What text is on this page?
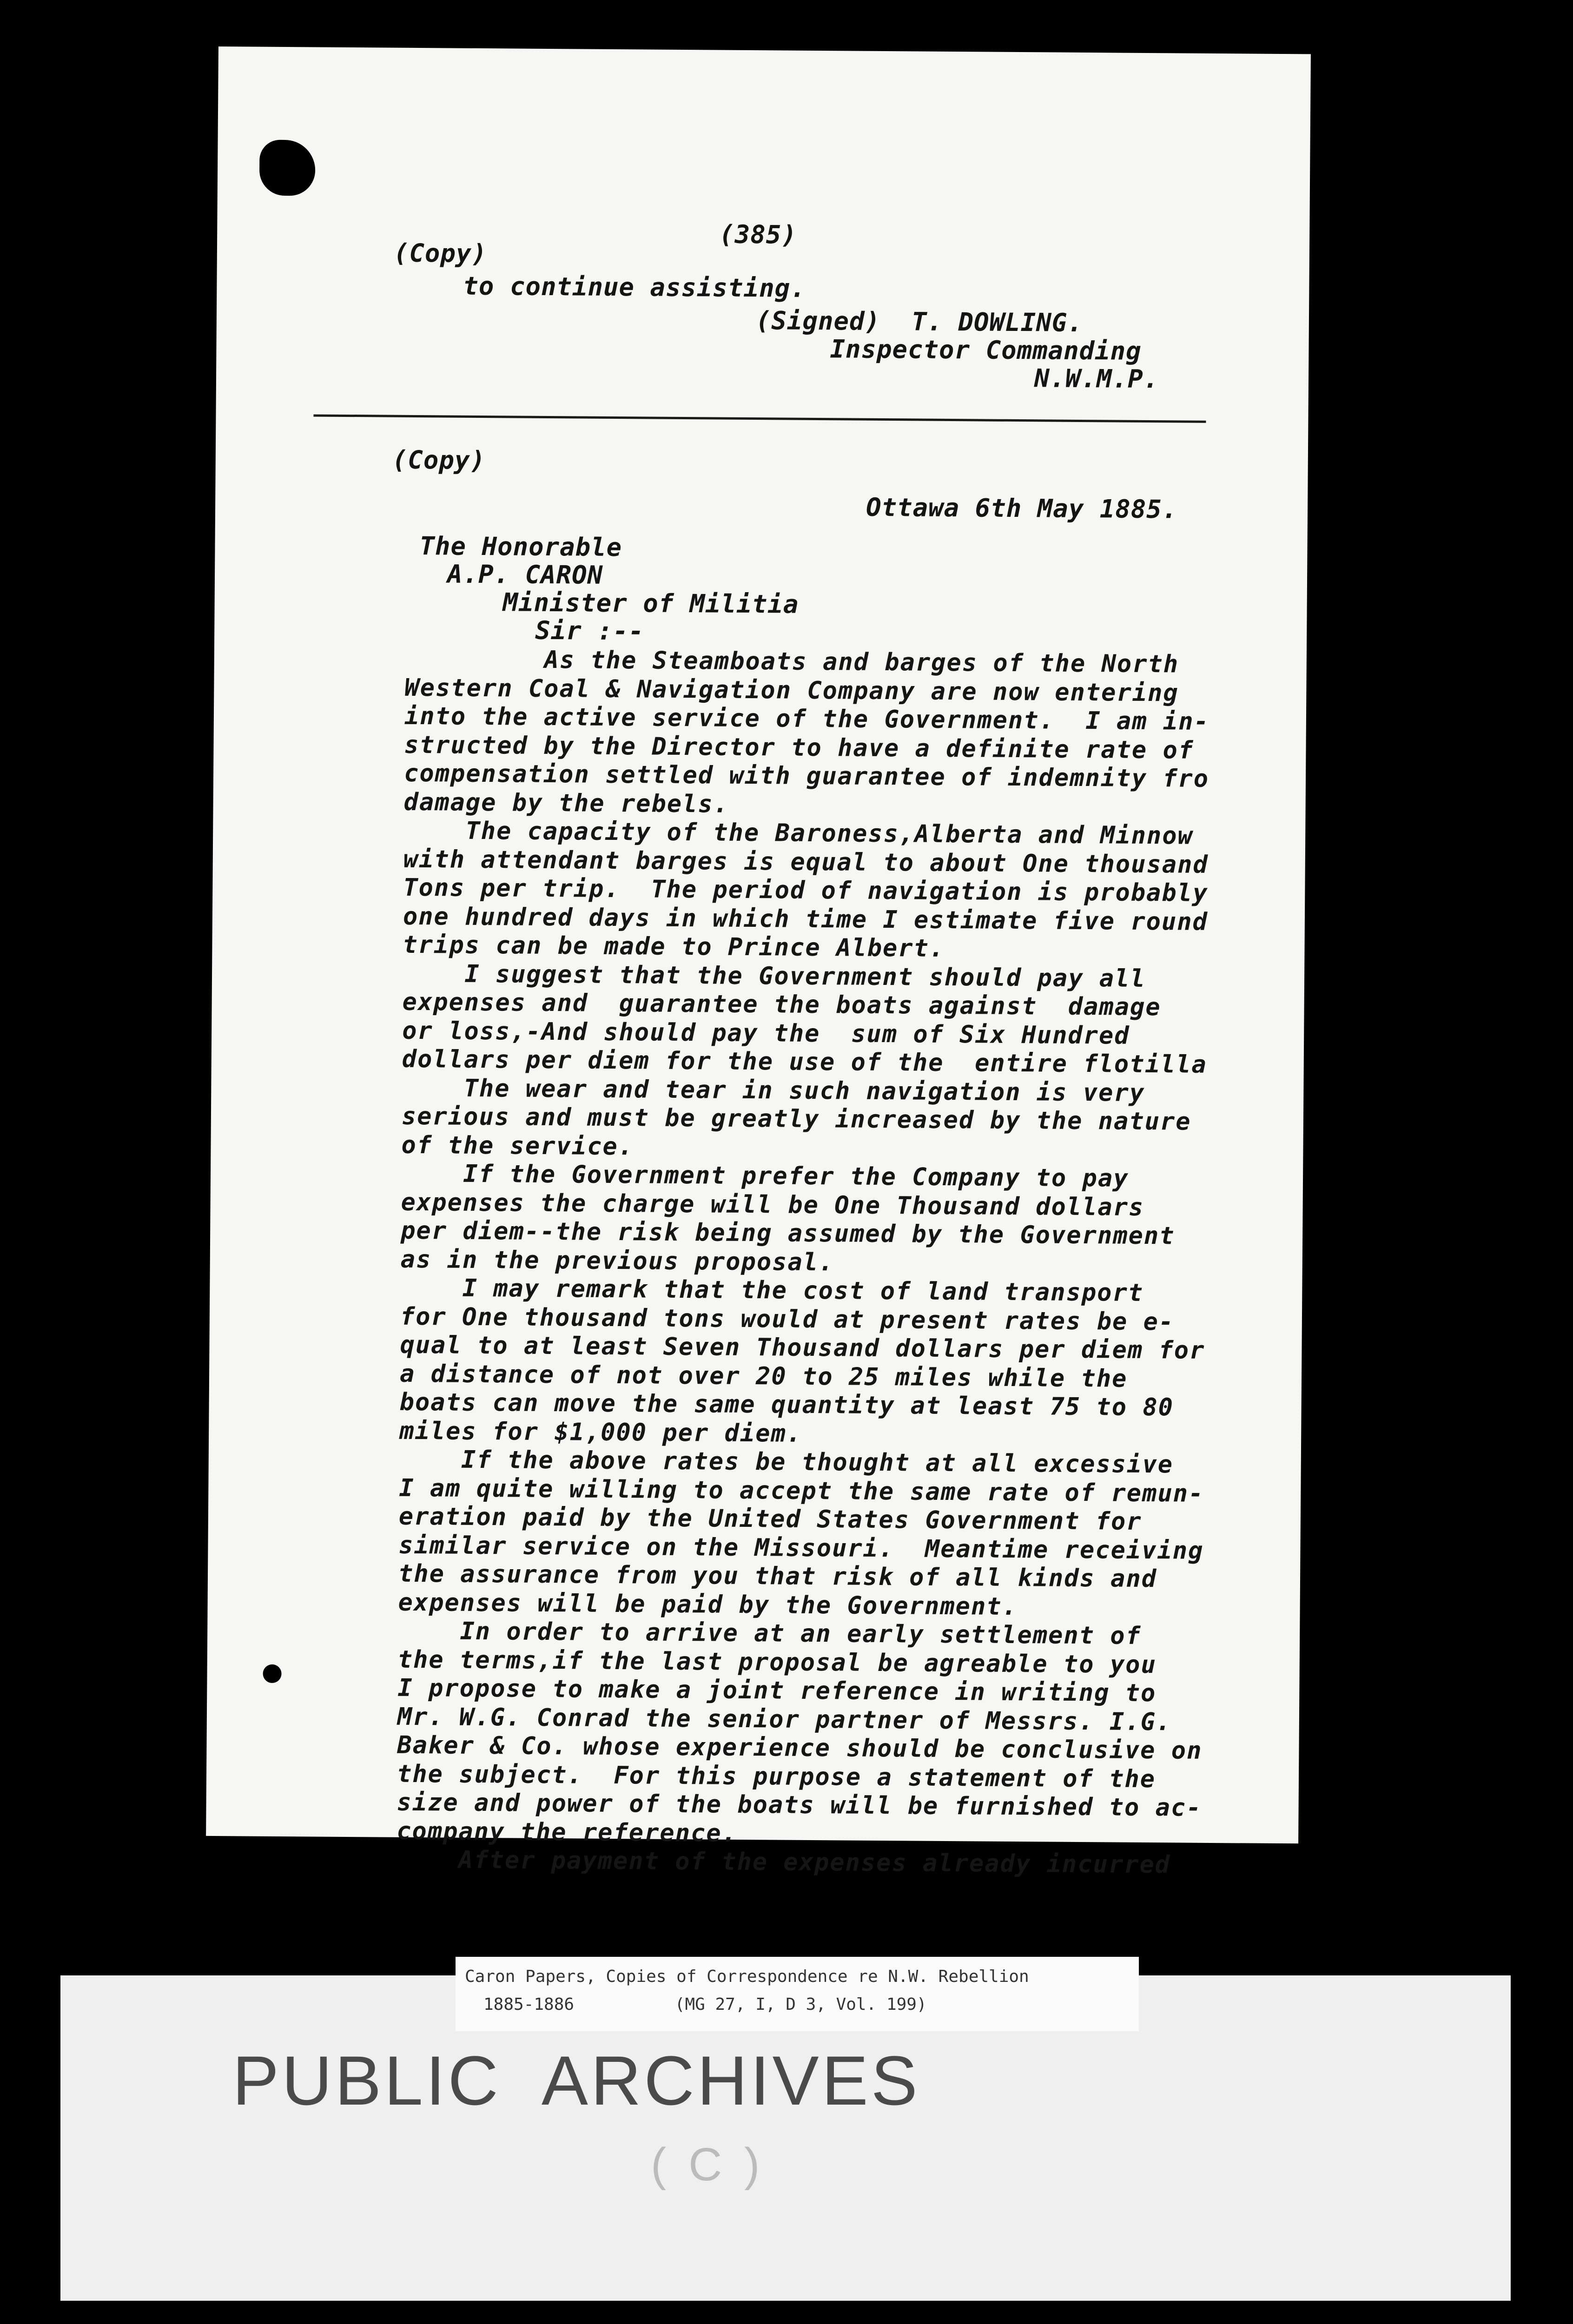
(385)
(Copy)
to continue assisting.
(Signed)  T. DOWLING.
Inspector Commanding
N.W.M.P.
(Copy)
Ottawa 6th May 1885.
The Honorable
A.P. CARON
Minister of Militia
Sir :--
As the Steamboats and barges of the North
Western Coal & Navigation Company are now entering
into the active service of the Government.  I am in-
structed by the Director to have a definite rate of
compensation settled with guarantee of indemnity fro
damage by the rebels.
The capacity of the Baroness,Alberta and Minnow
with attendant barges is equal to about One thousand
Tons per trip.  The period of navigation is probably
one hundred days in which time I estimate five round
trips can be made to Prince Albert.
I suggest that the Government should pay all
expenses and  guarantee the boats against  damage
or loss,-And should pay the  sum of Six Hundred
dollars per diem for the use of the  entire flotilla
The wear and tear in such navigation is very
serious and must be greatly increased by the nature
of the service.
If the Government prefer the Company to pay
expenses the charge will be One Thousand dollars
per diem--the risk being assumed by the Government
as in the previous proposal.
I may remark that the cost of land transport
for One thousand tons would at present rates be e-
qual to at least Seven Thousand dollars per diem for
a distance of not over 20 to 25 miles while the
boats can move the same quantity at least 75 to 80
miles for $1,000 per diem.
If the above rates be thought at all excessive
I am quite willing to accept the same rate of remun-
eration paid by the United States Government for
similar service on the Missouri.  Meantime receiving
the assurance from you that risk of all kinds and
expenses will be paid by the Government.
In order to arrive at an early settlement of
the terms,if the last proposal be agreable to you
I propose to make a joint reference in writing to
Mr. W.G. Conrad the senior partner of Messrs. I.G.
Baker & Co. whose experience should be conclusive on
the subject.  For this purpose a statement of the
size and power of the boats will be furnished to ac-
company the reference.
After payment of the expenses already incurred
Caron Papers, Copies of Correspondence re N.W. Rebellion
1885-1886          (MG 27, I, D 3, Vol. 199)
PUBLIC  ARCHIVES
( C )
